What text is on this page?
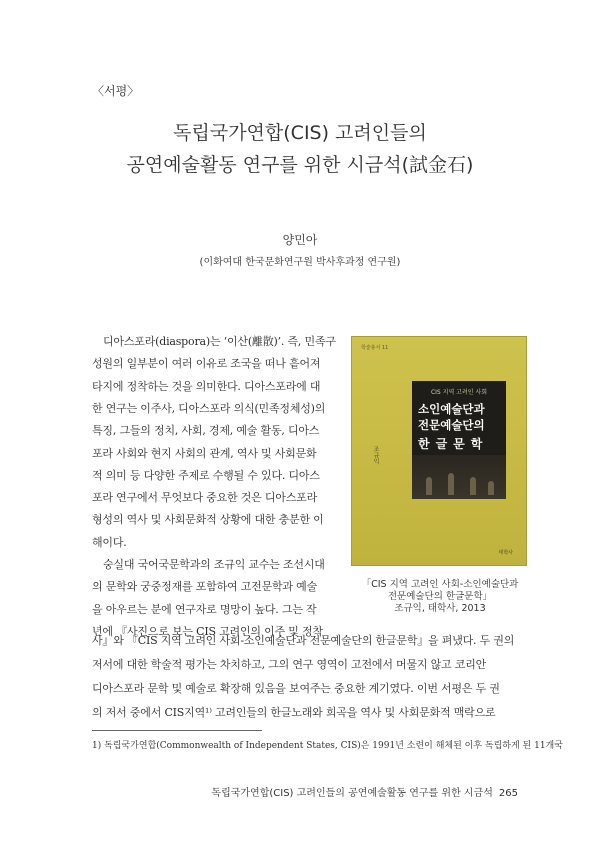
〈서평〉
독립국가연합(CIS) 고려인들의
공연예술활동 연구를 위한 시금석(試金石)
양민아
(이화여대 한국문화연구원 박사후과정 연구원)
디아스포라(diaspora)는 ‘이산(離散)’. 즉, 민족구
성원의 일부분이 여러 이유로 조국을 떠나 흩어져
타지에 정착하는 것을 의미한다. 디아스포라에 대
한 연구는 이주사, 디아스포라 의식(민족정체성)의
특징, 그들의 정치, 사회, 경제, 예술 활동, 디아스
포라 사회와 현지 사회의 관계, 역사 및 사회문화
적 의미 등 다양한 주제로 수행될 수 있다. 디아스
포라 연구에서 무엇보다 중요한 것은 디아스포라
형성의 역사 및 사회문화적 상황에 대한 충분한 이
해이다.
숭실대 국어국문학과의 조규익 교수는 조선시대
의 문학와 궁중정재를 포함하여 고전문학과 예술
을 아우르는 분에 연구자로 명망이 높다. 그는 작
년에 『사진으로 보는 CIS 고려인의 이주 및 정착
사』와 『CIS 지역 고려인 사회-소인예술단과 전문예술단의 한글문학』을 펴냈다. 두 권의
저서에 대한 학술적 평가는 차치하고, 그의 연구 영역이 고전에서 머물지 않고 코리안
디아스포라 문학 및 예술로 확장해 있음을 보여주는 중요한 계기였다. 이번 서평은 두 권
학술총서 11
조규익
CIS 지역 고려인 사회
소인예술단과
전문예술단의
한글문학
태학사
「CIS 지역 고려인 사회-소인예술단과
전문예술단의 한글문학」
조규익, 태학사, 2013
1) 독립국가연합(Commonwealth of Independent States, CIS)은 1991년 소련이 해체된 이후 독립하게 된 11개국
독립국가연합(CIS) 고려인들의 공연예술활동 연구를 위한 시금석 265
의 저서 중에서 CIS지역¹⁾ 고려인들의 한글노래와 희곡을 역사 및 사회문화적 맥락으로
